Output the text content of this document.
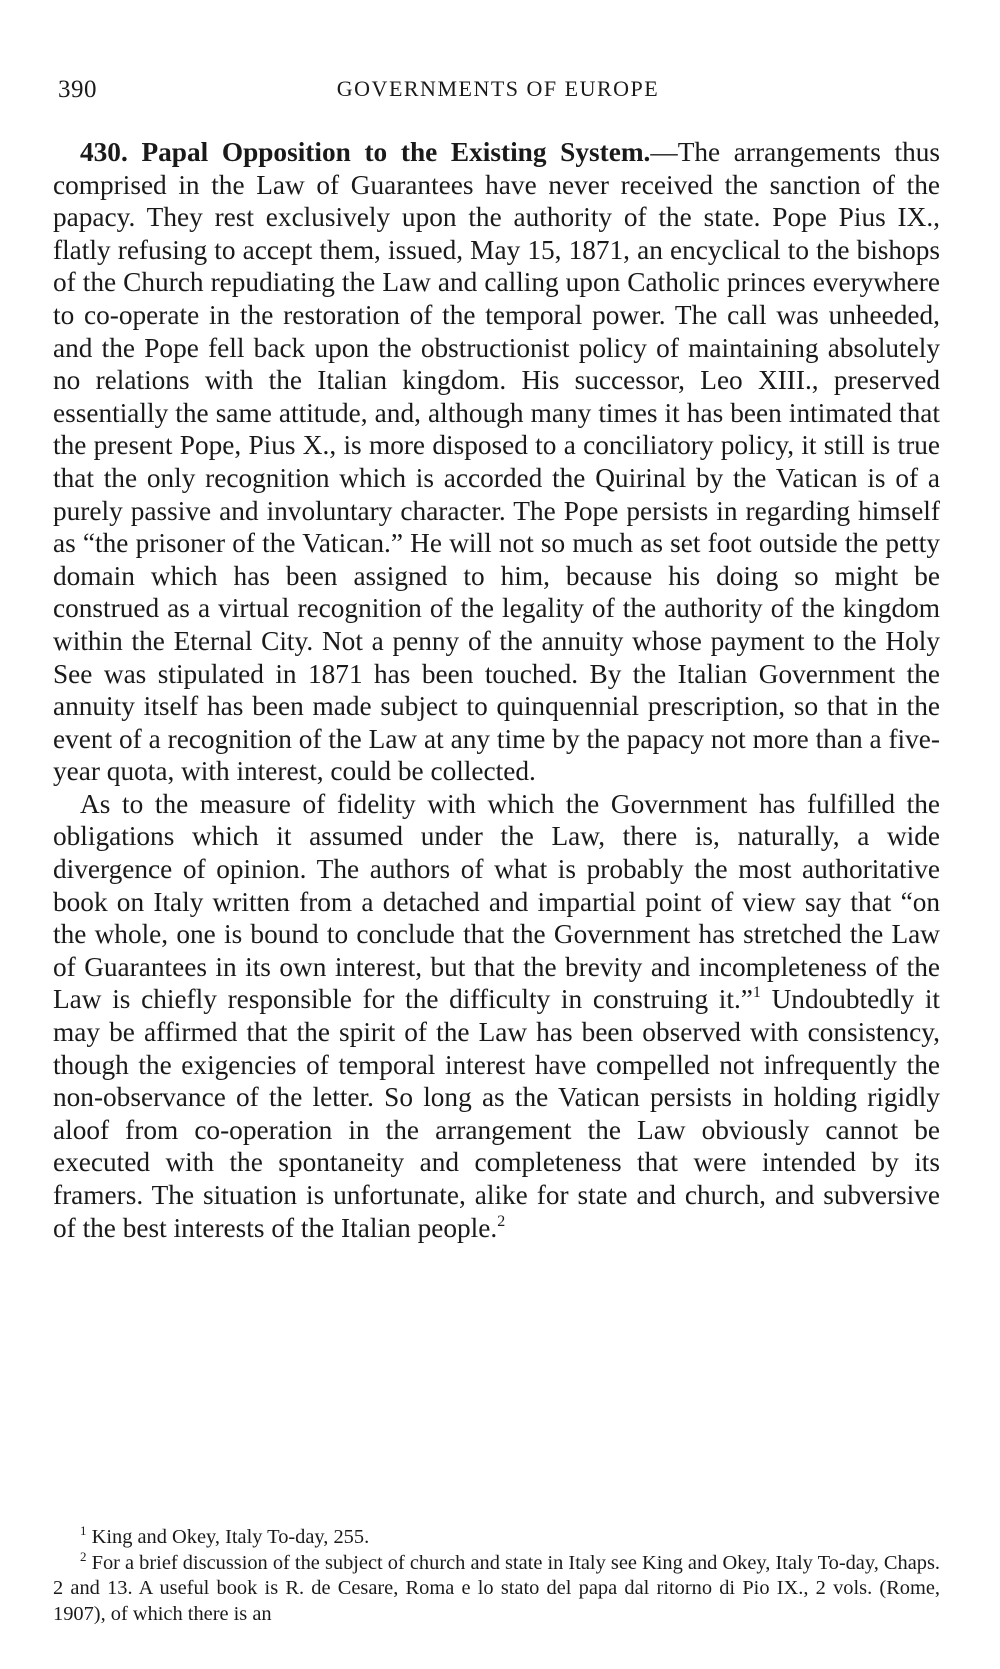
390	GOVERNMENTS OF EUROPE

430. Papal Opposition to the Existing System.—The arrangements thus comprised in the Law of Guarantees have never received the sanction of the papacy. They rest exclusively upon the authority of the state. Pope Pius IX., flatly refusing to accept them, issued, May 15, 1871, an encyclical to the bishops of the Church repudiating the Law and calling upon Catholic princes everywhere to co-operate in the restoration of the temporal power. The call was unheeded, and the Pope fell back upon the obstructionist policy of maintaining absolutely no relations with the Italian kingdom. His successor, Leo XIII., preserved essentially the same attitude, and, although many times it has been intimated that the present Pope, Pius X., is more disposed to a conciliatory policy, it still is true that the only recognition which is accorded the Quirinal by the Vatican is of a purely passive and involuntary character. The Pope persists in regarding himself as “the prisoner of the Vatican.” He will not so much as set foot outside the petty domain which has been assigned to him, because his doing so might be construed as a virtual recognition of the legality of the authority of the kingdom within the Eternal City. Not a penny of the annuity whose payment to the Holy See was stipulated in 1871 has been touched. By the Italian Government the annuity itself has been made subject to quinquennial prescription, so that in the event of a recognition of the Law at any time by the papacy not more than a five-year quota, with interest, could be collected.

As to the measure of fidelity with which the Government has fulfilled the obligations which it assumed under the Law, there is, naturally, a wide divergence of opinion. The authors of what is probably the most authoritative book on Italy written from a detached and impartial point of view say that “on the whole, one is bound to conclude that the Government has stretched the Law of Guarantees in its own interest, but that the brevity and incompleteness of the Law is chiefly responsible for the difficulty in construing it.”$^1$ Undoubtedly it may be affirmed that the spirit of the Law has been observed with consistency, though the exigencies of temporal interest have compelled not infrequently the non-observance of the letter. So long as the Vatican persists in holding rigidly aloof from co-operation in the arrangement the Law obviously cannot be executed with the spontaneity and completeness that were intended by its framers. The situation is unfortunate, alike for state and church, and subversive of the best interests of the Italian people.$^2$

$^1$ King and Okey, Italy To-day, 255.

$^2$ For a brief discussion of the subject of church and state in Italy see King and Okey, Italy To-day, Chaps. 2 and 13. A useful book is R. de Cesare, Roma e lo stato del papa dal ritorno di Pio IX., 2 vols. (Rome, 1907), of which there is an
